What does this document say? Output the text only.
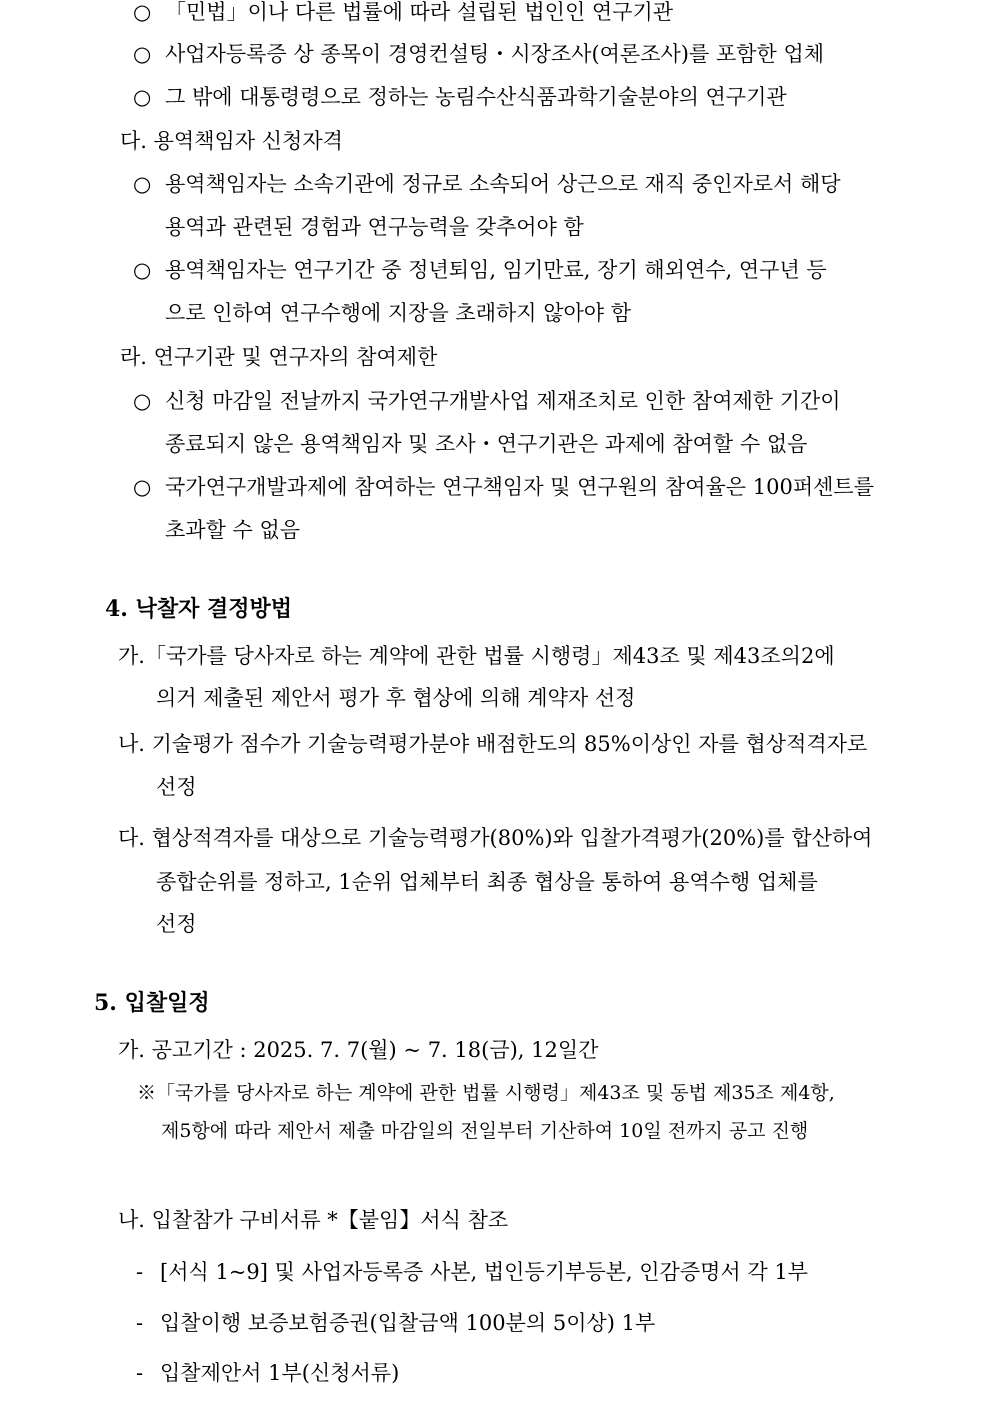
○ 「민법」이나 다른 법률에 따라 설립된 법인인 연구기관
○ 사업자등록증 상 종목이 경영컨설팅・시장조사(여론조사)를 포함한 업체
○ 그 밖에 대통령령으로 정하는 농림수산식품과학기술분야의 연구기관
다. 용역책임자 신청자격
○ 용역책임자는 소속기관에 정규로 소속되어 상근으로 재직 중인자로서 해당
용역과 관련된 경험과 연구능력을 갖추어야 함
○ 용역책임자는 연구기간 중 정년퇴임, 임기만료, 장기 해외연수, 연구년 등
으로 인하여 연구수행에 지장을 초래하지 않아야 함
라. 연구기관 및 연구자의 참여제한
○ 신청 마감일 전날까지 국가연구개발사업 제재조치로 인한 참여제한 기간이
종료되지 않은 용역책임자 및 조사・연구기관은 과제에 참여할 수 없음
○ 국가연구개발과제에 참여하는 연구책임자 및 연구원의 참여율은 100퍼센트를
초과할 수 없음
4. 낙찰자 결정방법
가.「국가를 당사자로 하는 계약에 관한 법률 시행령」제43조 및 제43조의2에
의거 제출된 제안서 평가 후 협상에 의해 계약자 선정
나. 기술평가 점수가 기술능력평가분야 배점한도의 85%이상인 자를 협상적격자로
선정
다. 협상적격자를 대상으로 기술능력평가(80%)와 입찰가격평가(20%)를 합산하여
종합순위를 정하고, 1순위 업체부터 최종 협상을 통하여 용역수행 업체를
선정
5. 입찰일정
가. 공고기간 : 2025. 7. 7(월) ~ 7. 18(금), 12일간
※「국가를 당사자로 하는 계약에 관한 법률 시행령」제43조 및 동법 제35조 제4항,
제5항에 따라 제안서 제출 마감일의 전일부터 기산하여 10일 전까지 공고 진행
나. 입찰참가 구비서류 *【붙임】서식 참조
- [서식 1~9] 및 사업자등록증 사본, 법인등기부등본, 인감증명서 각 1부
- 입찰이행 보증보험증권(입찰금액 100분의 5이상) 1부
- 입찰제안서 1부(신청서류)
